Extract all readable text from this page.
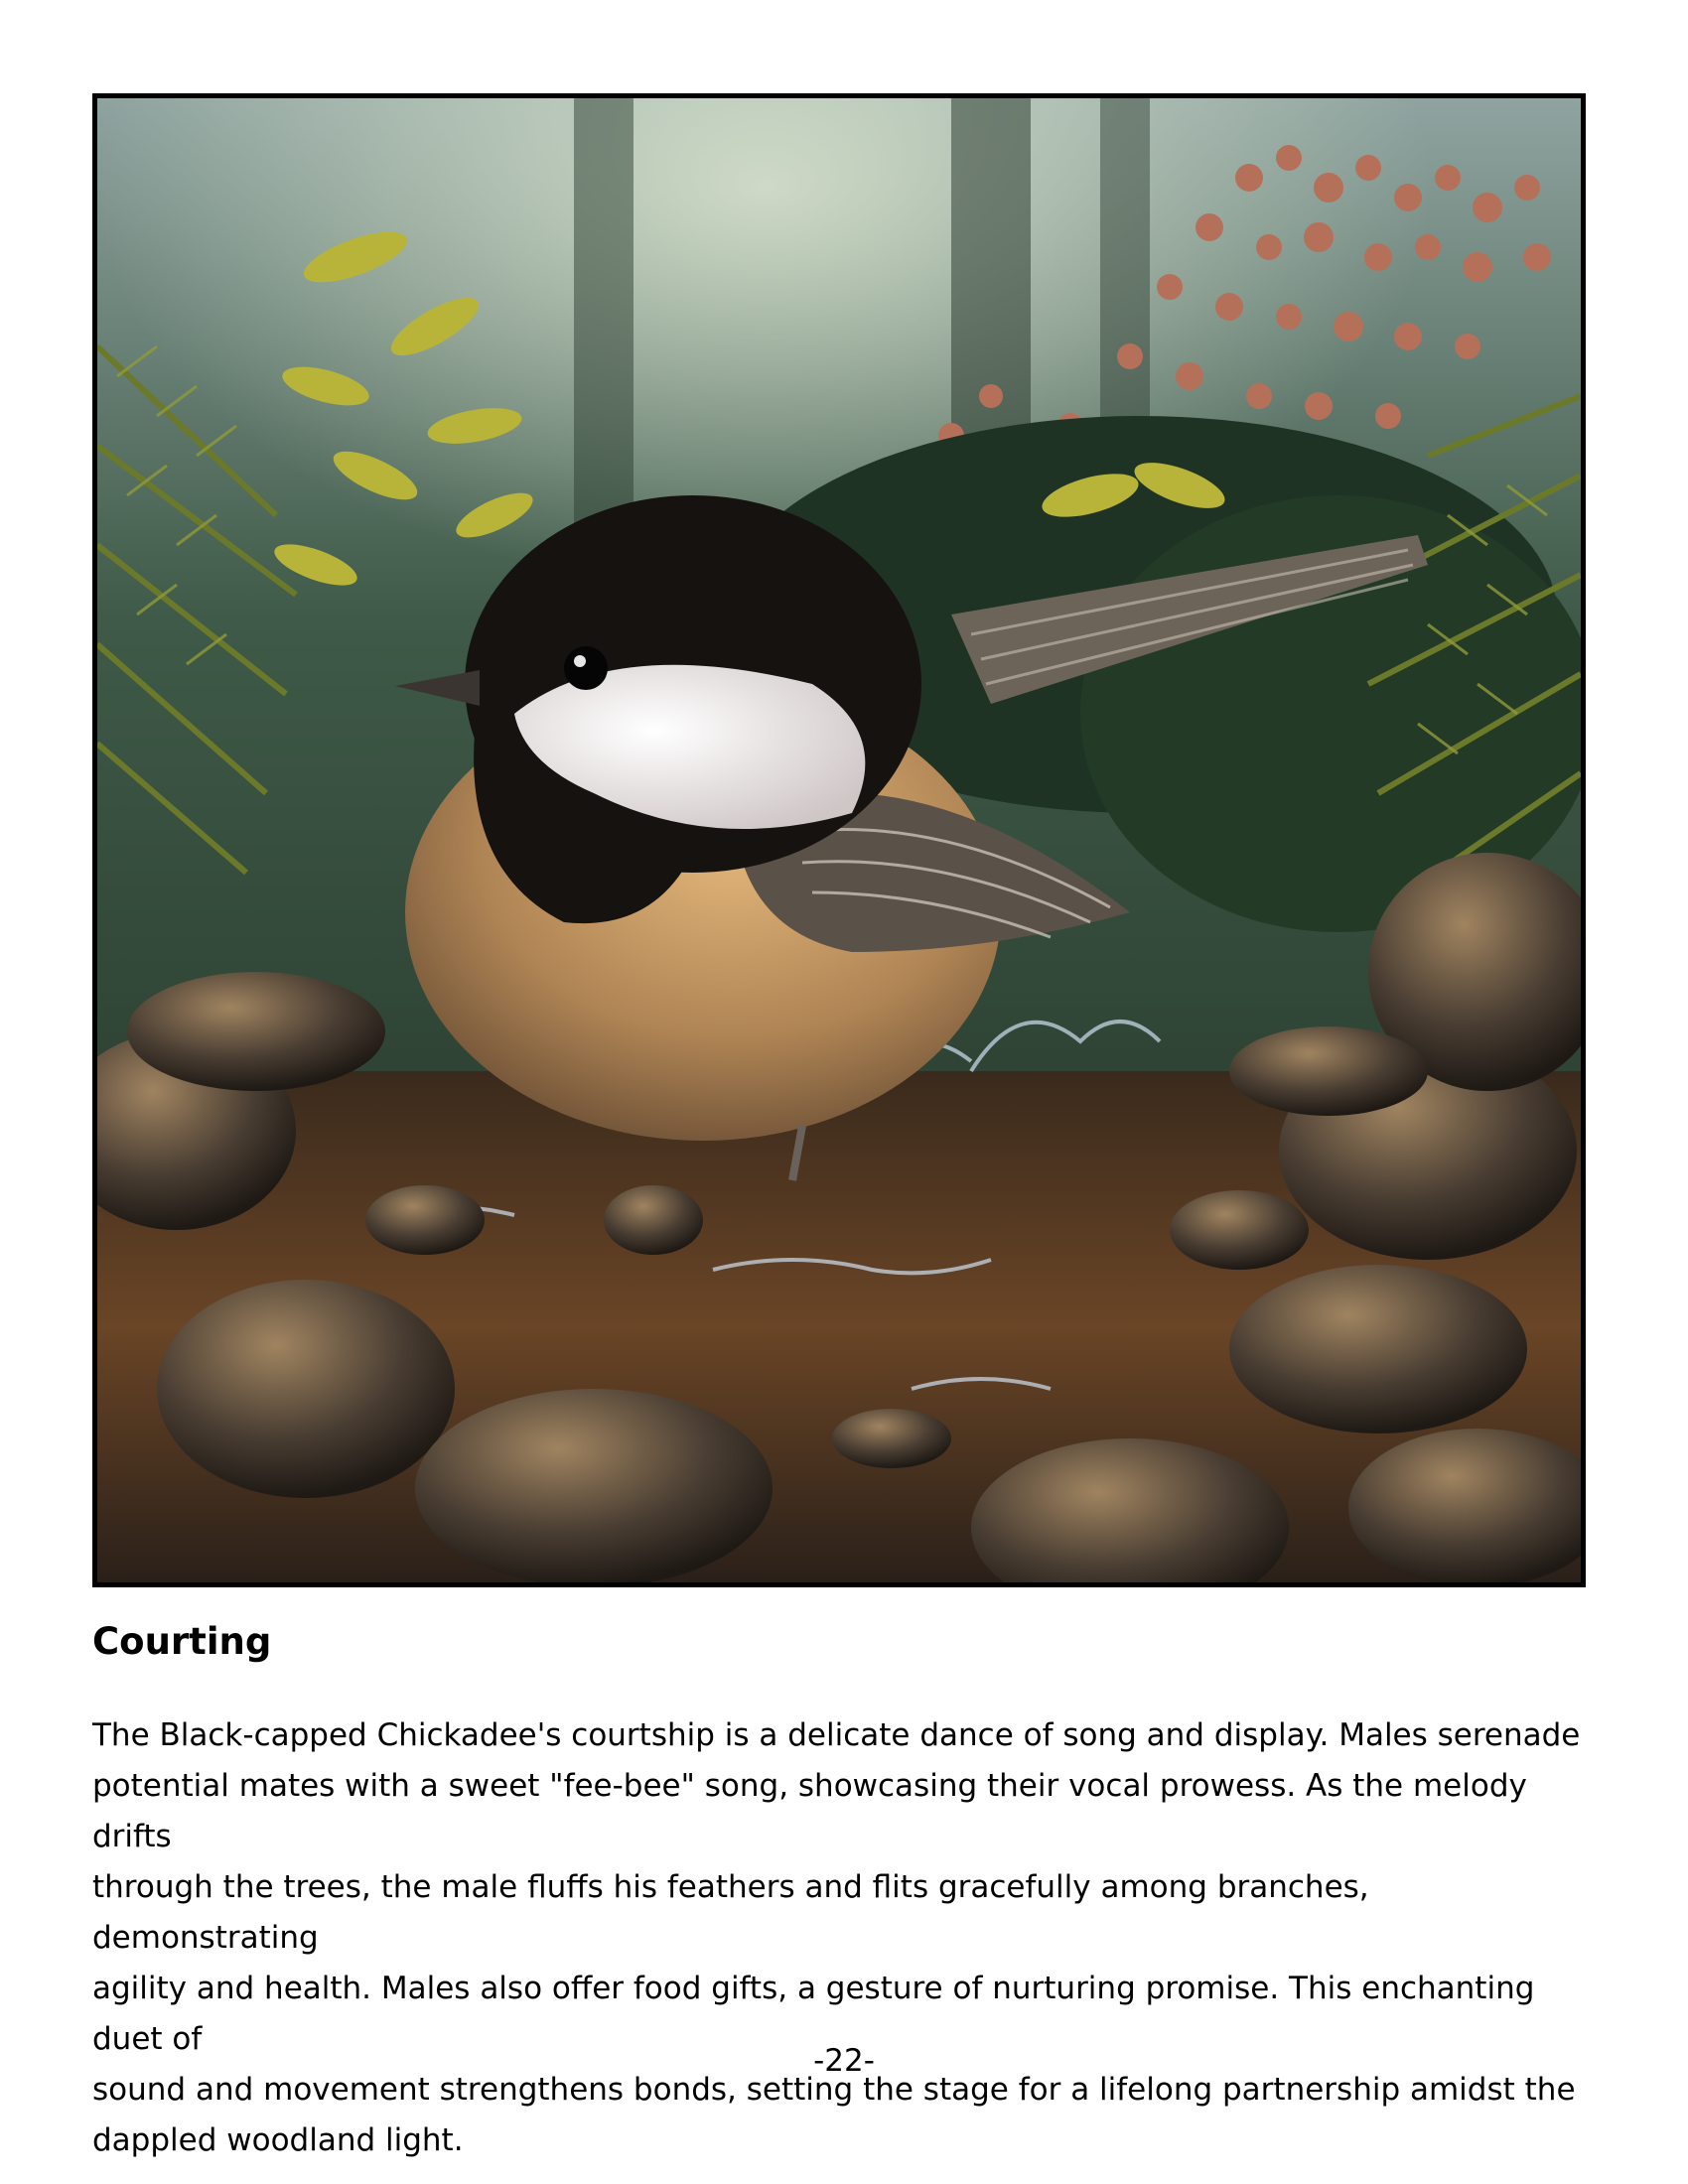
Courting

The Black-capped Chickadee's courtship is a delicate dance of song and display. Males serenade
potential mates with a sweet "fee-bee" song, showcasing their vocal prowess. As the melody drifts
through the trees, the male fluffs his feathers and flits gracefully among branches, demonstrating
agility and health. Males also offer food gifts, a gesture of nurturing promise. This enchanting duet of
sound and movement strengthens bonds, setting the stage for a lifelong partnership amidst the
dappled woodland light.

-22-
